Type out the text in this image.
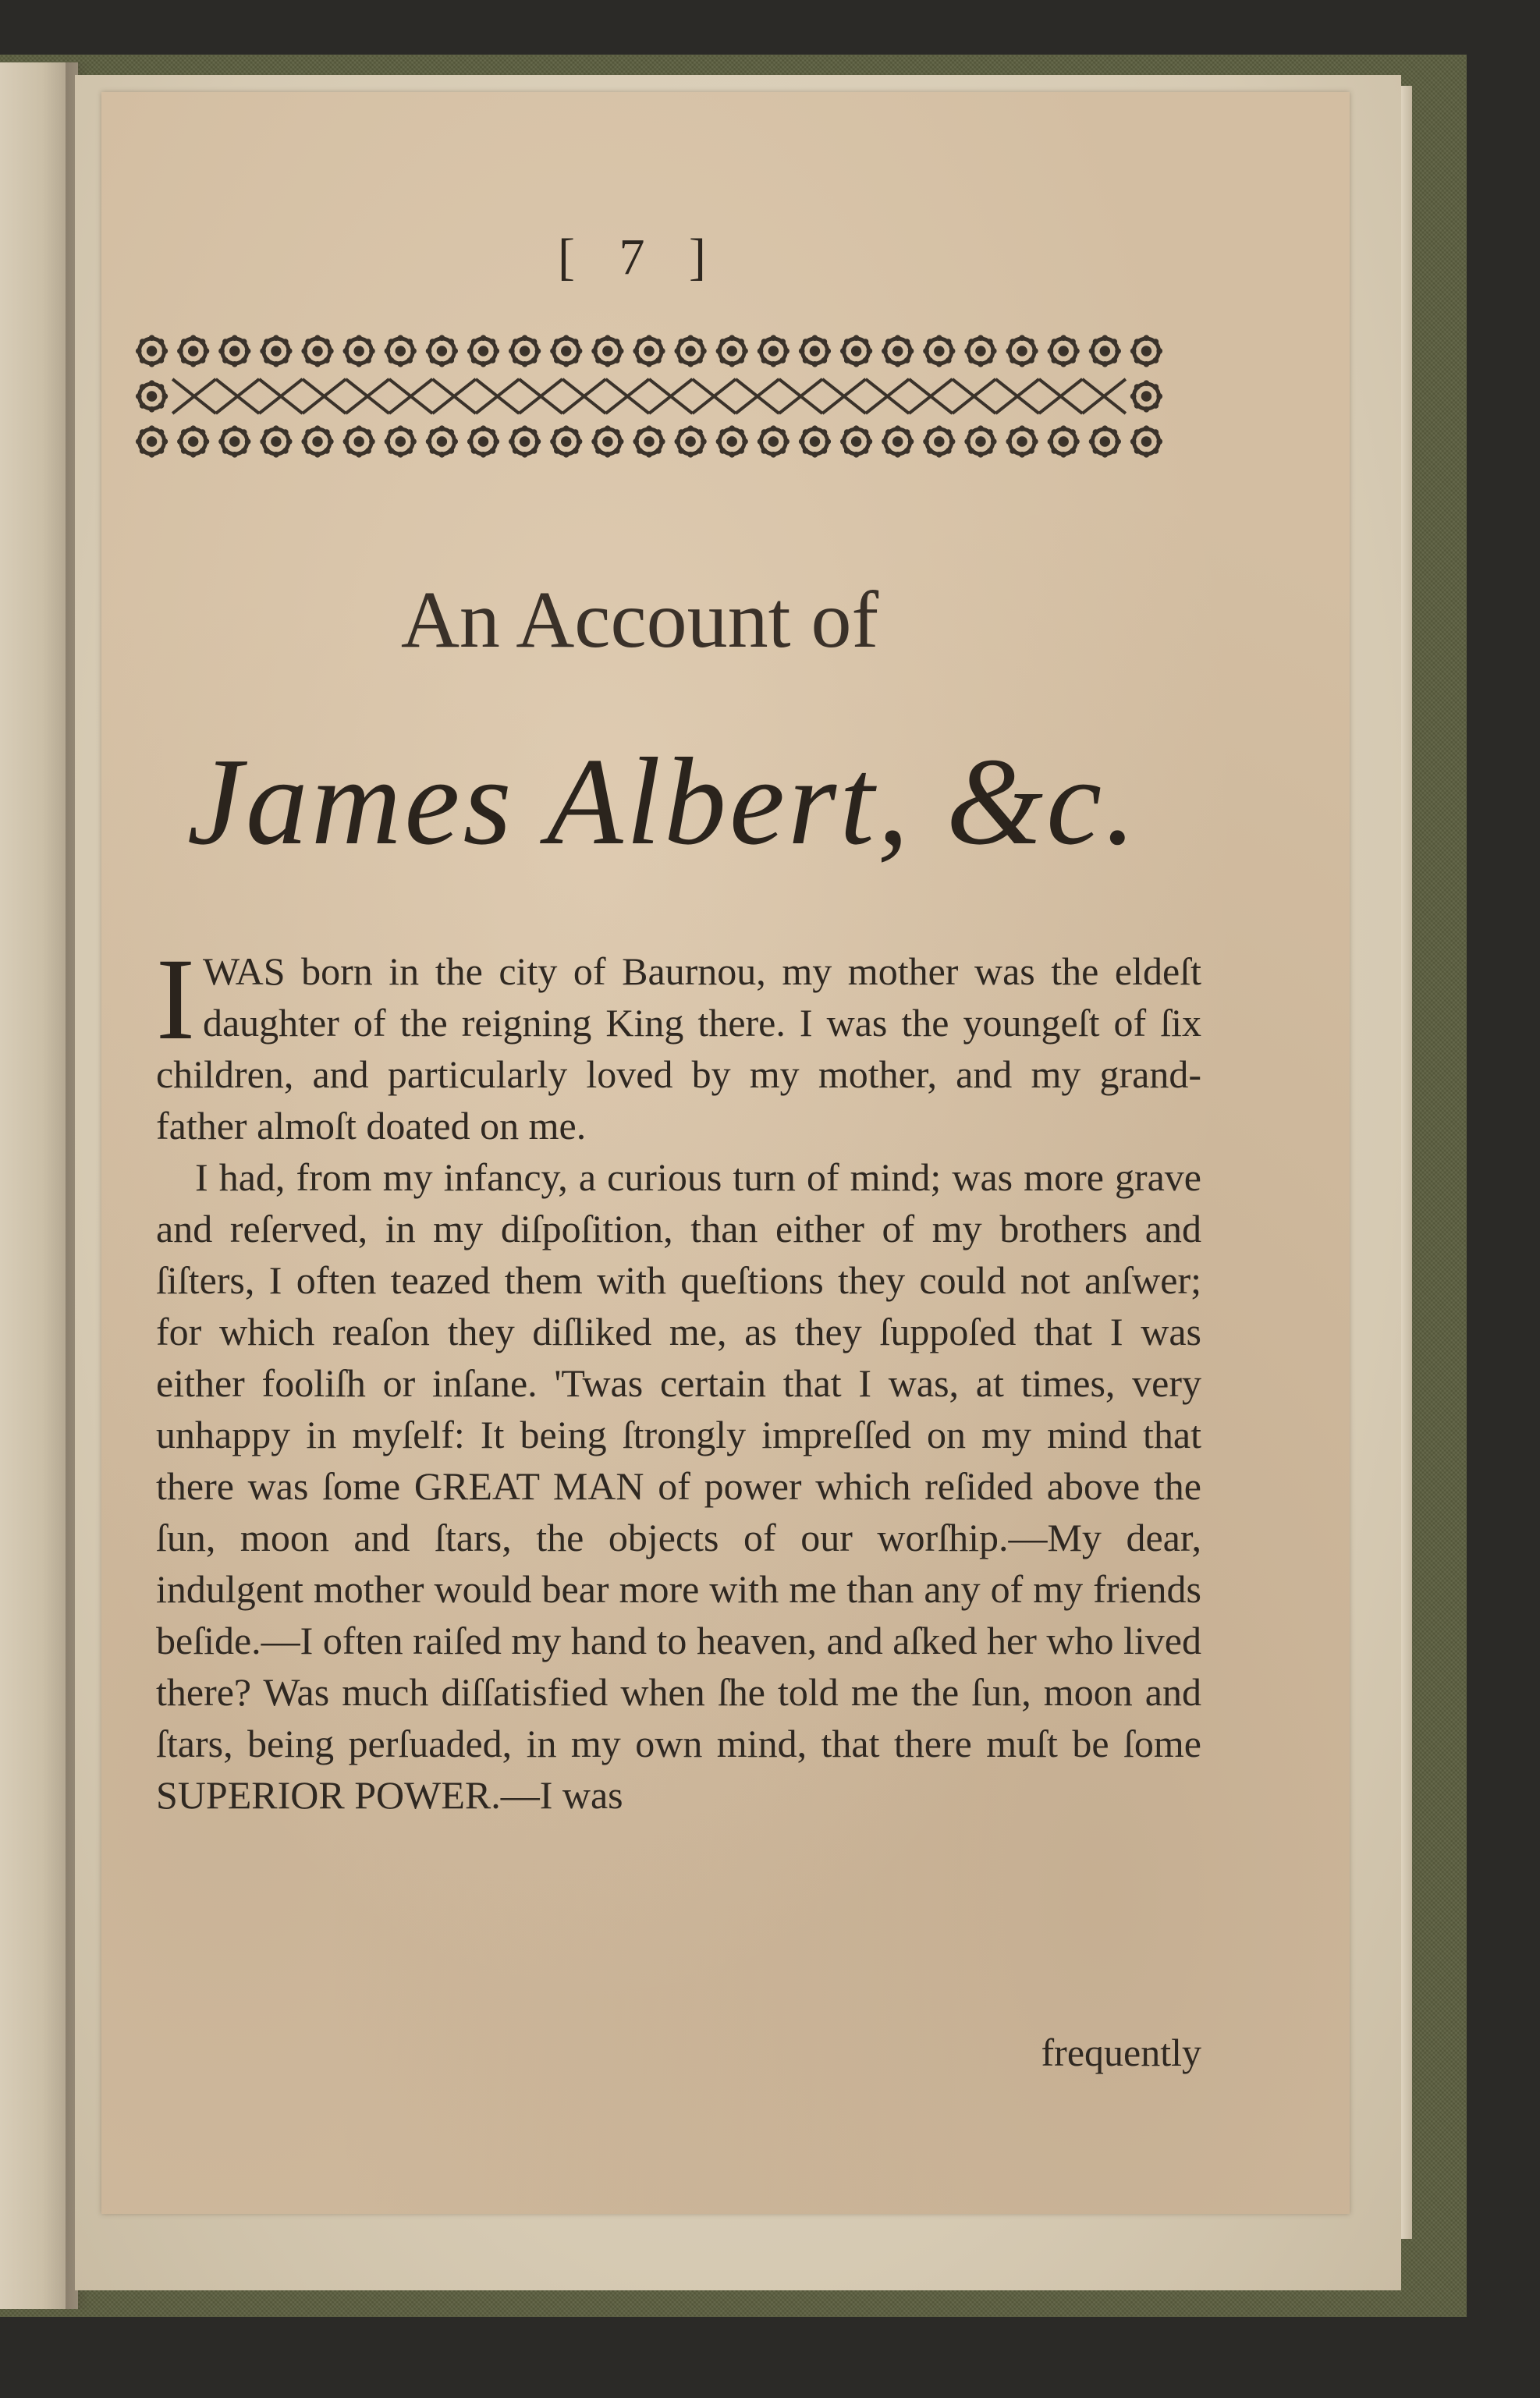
[ 7 ]
An Account of
James Albert, &c.

IWAS born in the city of Baurnou, my mother was the eldeſt daughter of the reigning King there. I was the youngeſt of ſix children, and particularly loved by my mother, and my grand-father almoſt doated on me.

I had, from my infancy, a curious turn of mind; was more grave and reſerved, in my diſpoſition, than either of my brothers and ſiſters, I often teazed them with queſtions they could not anſwer; for which reaſon they diſliked me, as they ſuppoſed that I was either fooliſh or inſane. 'Twas certain that I was, at times, very unhappy in myſelf: It being ſtrongly impreſſed on my mind that there was ſome GREAT MAN of power which reſided above the ſun, moon and ſtars, the objects of our worſhip.—My dear, indulgent mother would bear more with me than any of my friends beſide.—I often raiſed my hand to heaven, and aſked her who lived there? Was much diſſatisfied when ſhe told me the ſun, moon and ſtars, being perſuaded, in my own mind, that there muſt be ſome SUPERIOR POWER.—I was

frequently
